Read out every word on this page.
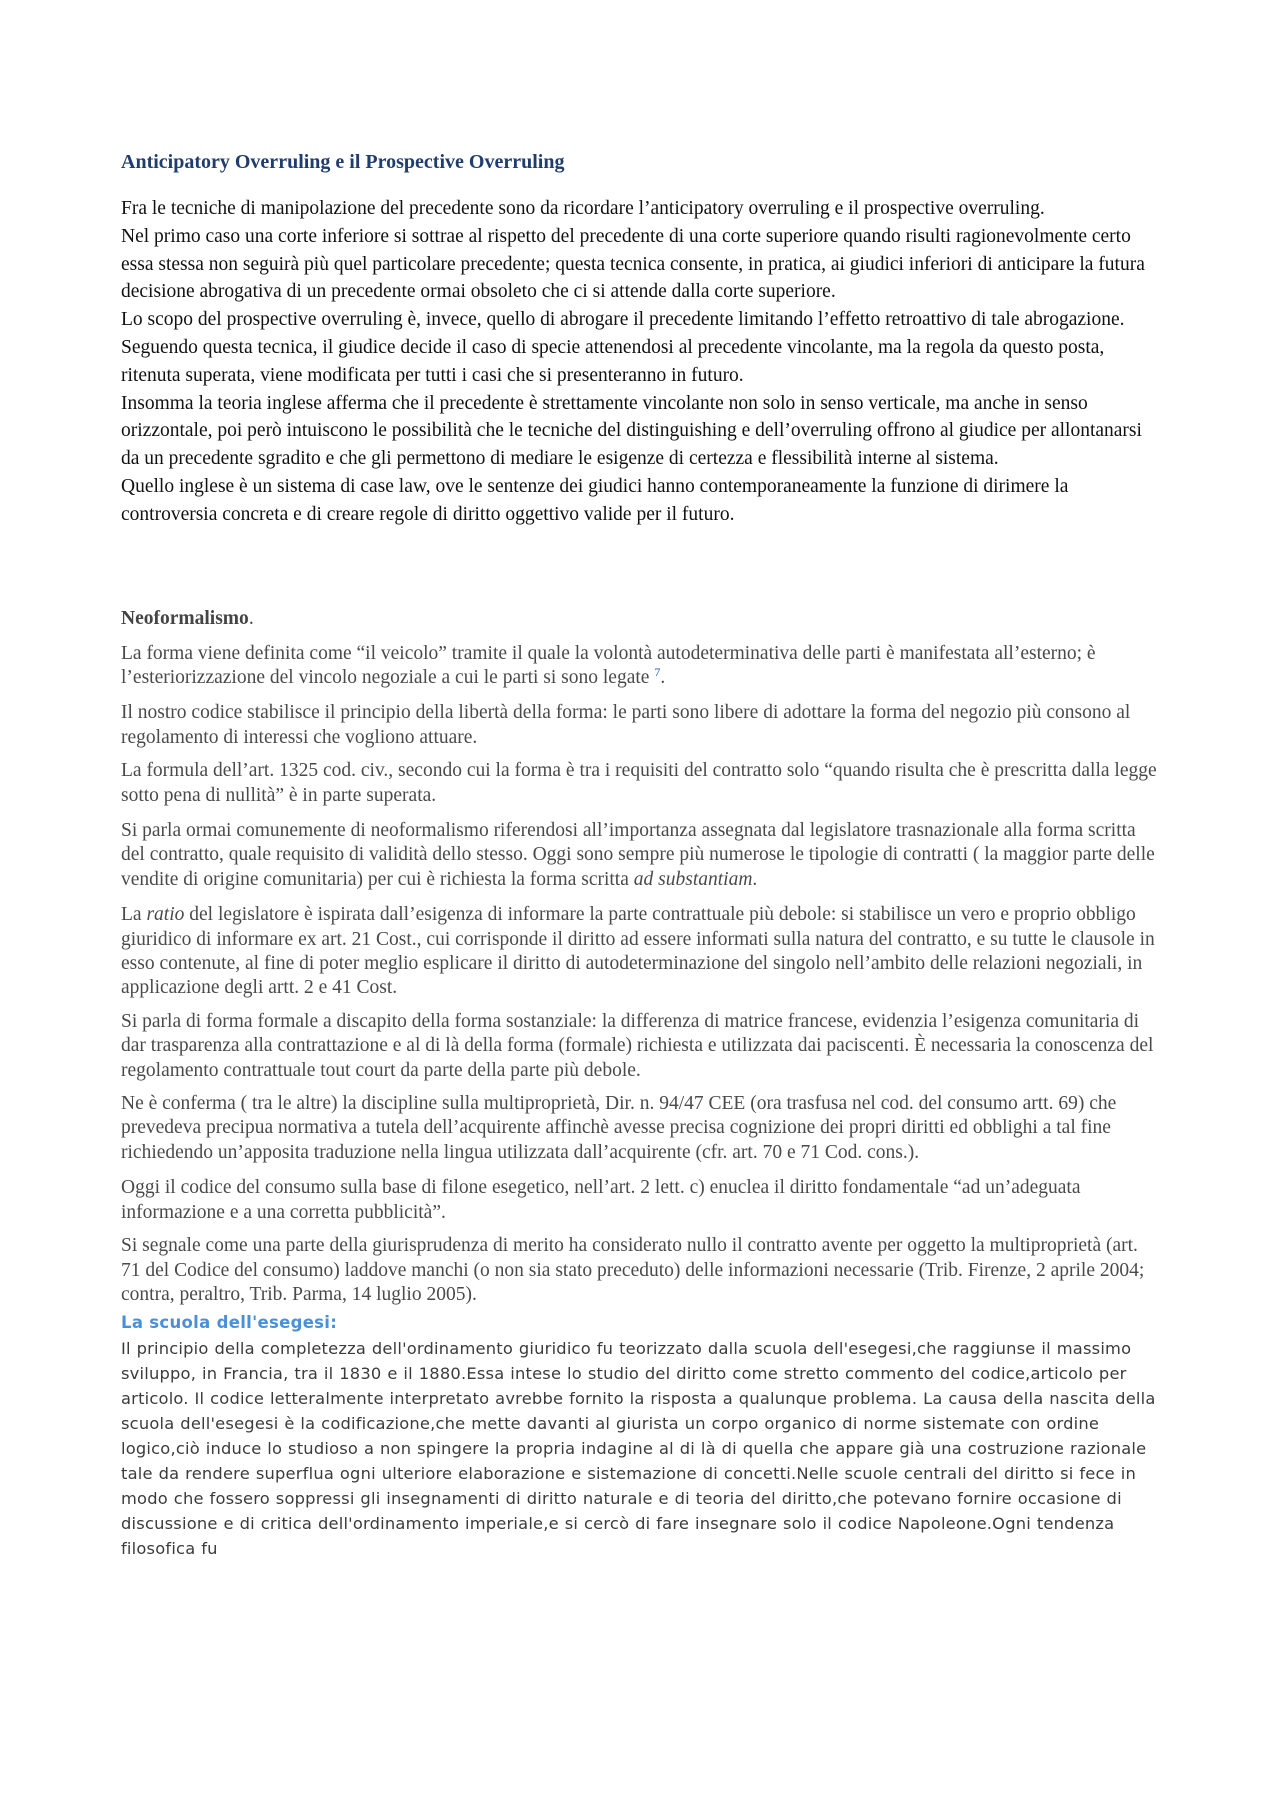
Anticipatory Overruling e il Prospective Overruling

Fra le tecniche di manipolazione del precedente sono da ricordare l’anticipatory overruling e il prospective overruling.

Nel primo caso una corte inferiore si sottrae al rispetto del precedente di una corte superiore quando risulti ragionevolmente certo essa stessa non seguirà più quel particolare precedente; questa tecnica consente, in pratica, ai giudici inferiori di anticipare la futura decisione abrogativa di un precedente ormai obsoleto che ci si attende dalla corte superiore.

Lo scopo del prospective overruling è, invece, quello di abrogare il precedente limitando l’effetto retroattivo di tale abrogazione.

Seguendo questa tecnica, il giudice decide il caso di specie attenendosi al precedente vincolante, ma la regola da questo posta, ritenuta superata, viene modificata per tutti i casi che si presenteranno in futuro.

Insomma la teoria inglese afferma che il precedente è strettamente vincolante non solo in senso verticale, ma anche in senso orizzontale, poi però intuiscono le possibilità che le tecniche del distinguishing e dell’overruling offrono al giudice per allontanarsi da un precedente sgradito e che gli permettono di mediare le esigenze di certezza e flessibilità interne al sistema.

Quello inglese è un sistema di case law, ove le sentenze dei giudici hanno contemporaneamente la funzione di dirimere la controversia concreta e di creare regole di diritto oggettivo valide per il futuro.

Neoformalismo.

La forma viene definita come “il veicolo” tramite il quale la volontà autodeterminativa delle parti è manifestata all’esterno; è l’esteriorizzazione del vincolo negoziale a cui le parti si sono legate $^7$.

Il nostro codice stabilisce il principio della libertà della forma: le parti sono libere di adottare la forma del negozio più consono al regolamento di interessi che vogliono attuare.

La formula dell’art. 1325 cod. civ., secondo cui la forma è tra i requisiti del contratto solo “quando risulta che è prescritta dalla legge sotto pena di nullità” è in parte superata.

Si parla ormai comunemente di neoformalismo riferendosi all’importanza assegnata dal legislatore trasnazionale alla forma scritta del contratto, quale requisito di validità dello stesso. Oggi sono sempre più numerose le tipologie di contratti ( la maggior parte delle vendite di origine comunitaria) per cui è richiesta la forma scritta ad substantiam.

La ratio del legislatore è ispirata dall’esigenza di informare la parte contrattuale più debole: si stabilisce un vero e proprio obbligo giuridico di informare ex art. 21 Cost., cui corrisponde il diritto ad essere informati sulla natura del contratto, e su tutte le clausole in esso contenute, al fine di poter meglio esplicare il diritto di autodeterminazione del singolo nell’ambito delle relazioni negoziali, in applicazione degli artt. 2 e 41 Cost.

Si parla di forma formale a discapito della forma sostanziale: la differenza di matrice francese, evidenzia l’esigenza comunitaria di dar trasparenza alla contrattazione e al di là della forma (formale) richiesta e utilizzata dai paciscenti. È necessaria la conoscenza del regolamento contrattuale tout court da parte della parte più debole.

Ne è conferma ( tra le altre) la discipline sulla multiproprietà, Dir. n. 94/47 CEE (ora trasfusa nel cod. del consumo artt. 69) che prevedeva precipua normativa a tutela dell’acquirente affinchè avesse precisa cognizione dei propri diritti ed obblighi a tal fine richiedendo un’apposita traduzione nella lingua utilizzata dall’acquirente (cfr. art. 70 e 71 Cod. cons.).

Oggi il codice del consumo sulla base di filone esegetico, nell’art. 2 lett. c) enuclea il diritto fondamentale “ad un’adeguata informazione e a una corretta pubblicità”.

Si segnale come una parte della giurisprudenza di merito ha considerato nullo il contratto avente per oggetto la multiproprietà (art. 71 del Codice del consumo) laddove manchi (o non sia stato preceduto) delle informazioni necessarie (Trib. Firenze, 2 aprile 2004; contra, peraltro, Trib. Parma, 14 luglio 2005).

La scuola dell'esegesi:

Il principio della completezza dell'ordinamento giuridico fu teorizzato dalla scuola dell'esegesi,che raggiunse il massimo sviluppo, in Francia, tra il 1830 e il 1880.Essa intese lo studio del diritto come stretto commento del codice,articolo per articolo. Il codice letteralmente interpretato avrebbe fornito la risposta a qualunque problema. La causa della nascita della scuola dell'esegesi è la codificazione,che mette davanti al giurista un corpo organico di norme sistemate con ordine logico,ciò induce lo studioso a non spingere la propria indagine al di là di quella che appare già una costruzione razionale tale da rendere superflua ogni ulteriore elaborazione e sistemazione di concetti.Nelle scuole centrali del diritto si fece in modo che fossero soppressi gli insegnamenti di diritto naturale e di teoria del diritto,che potevano fornire occasione di discussione e di critica dell'ordinamento imperiale,e si cercò di fare insegnare solo il codice Napoleone.Ogni tendenza filosofica fu
